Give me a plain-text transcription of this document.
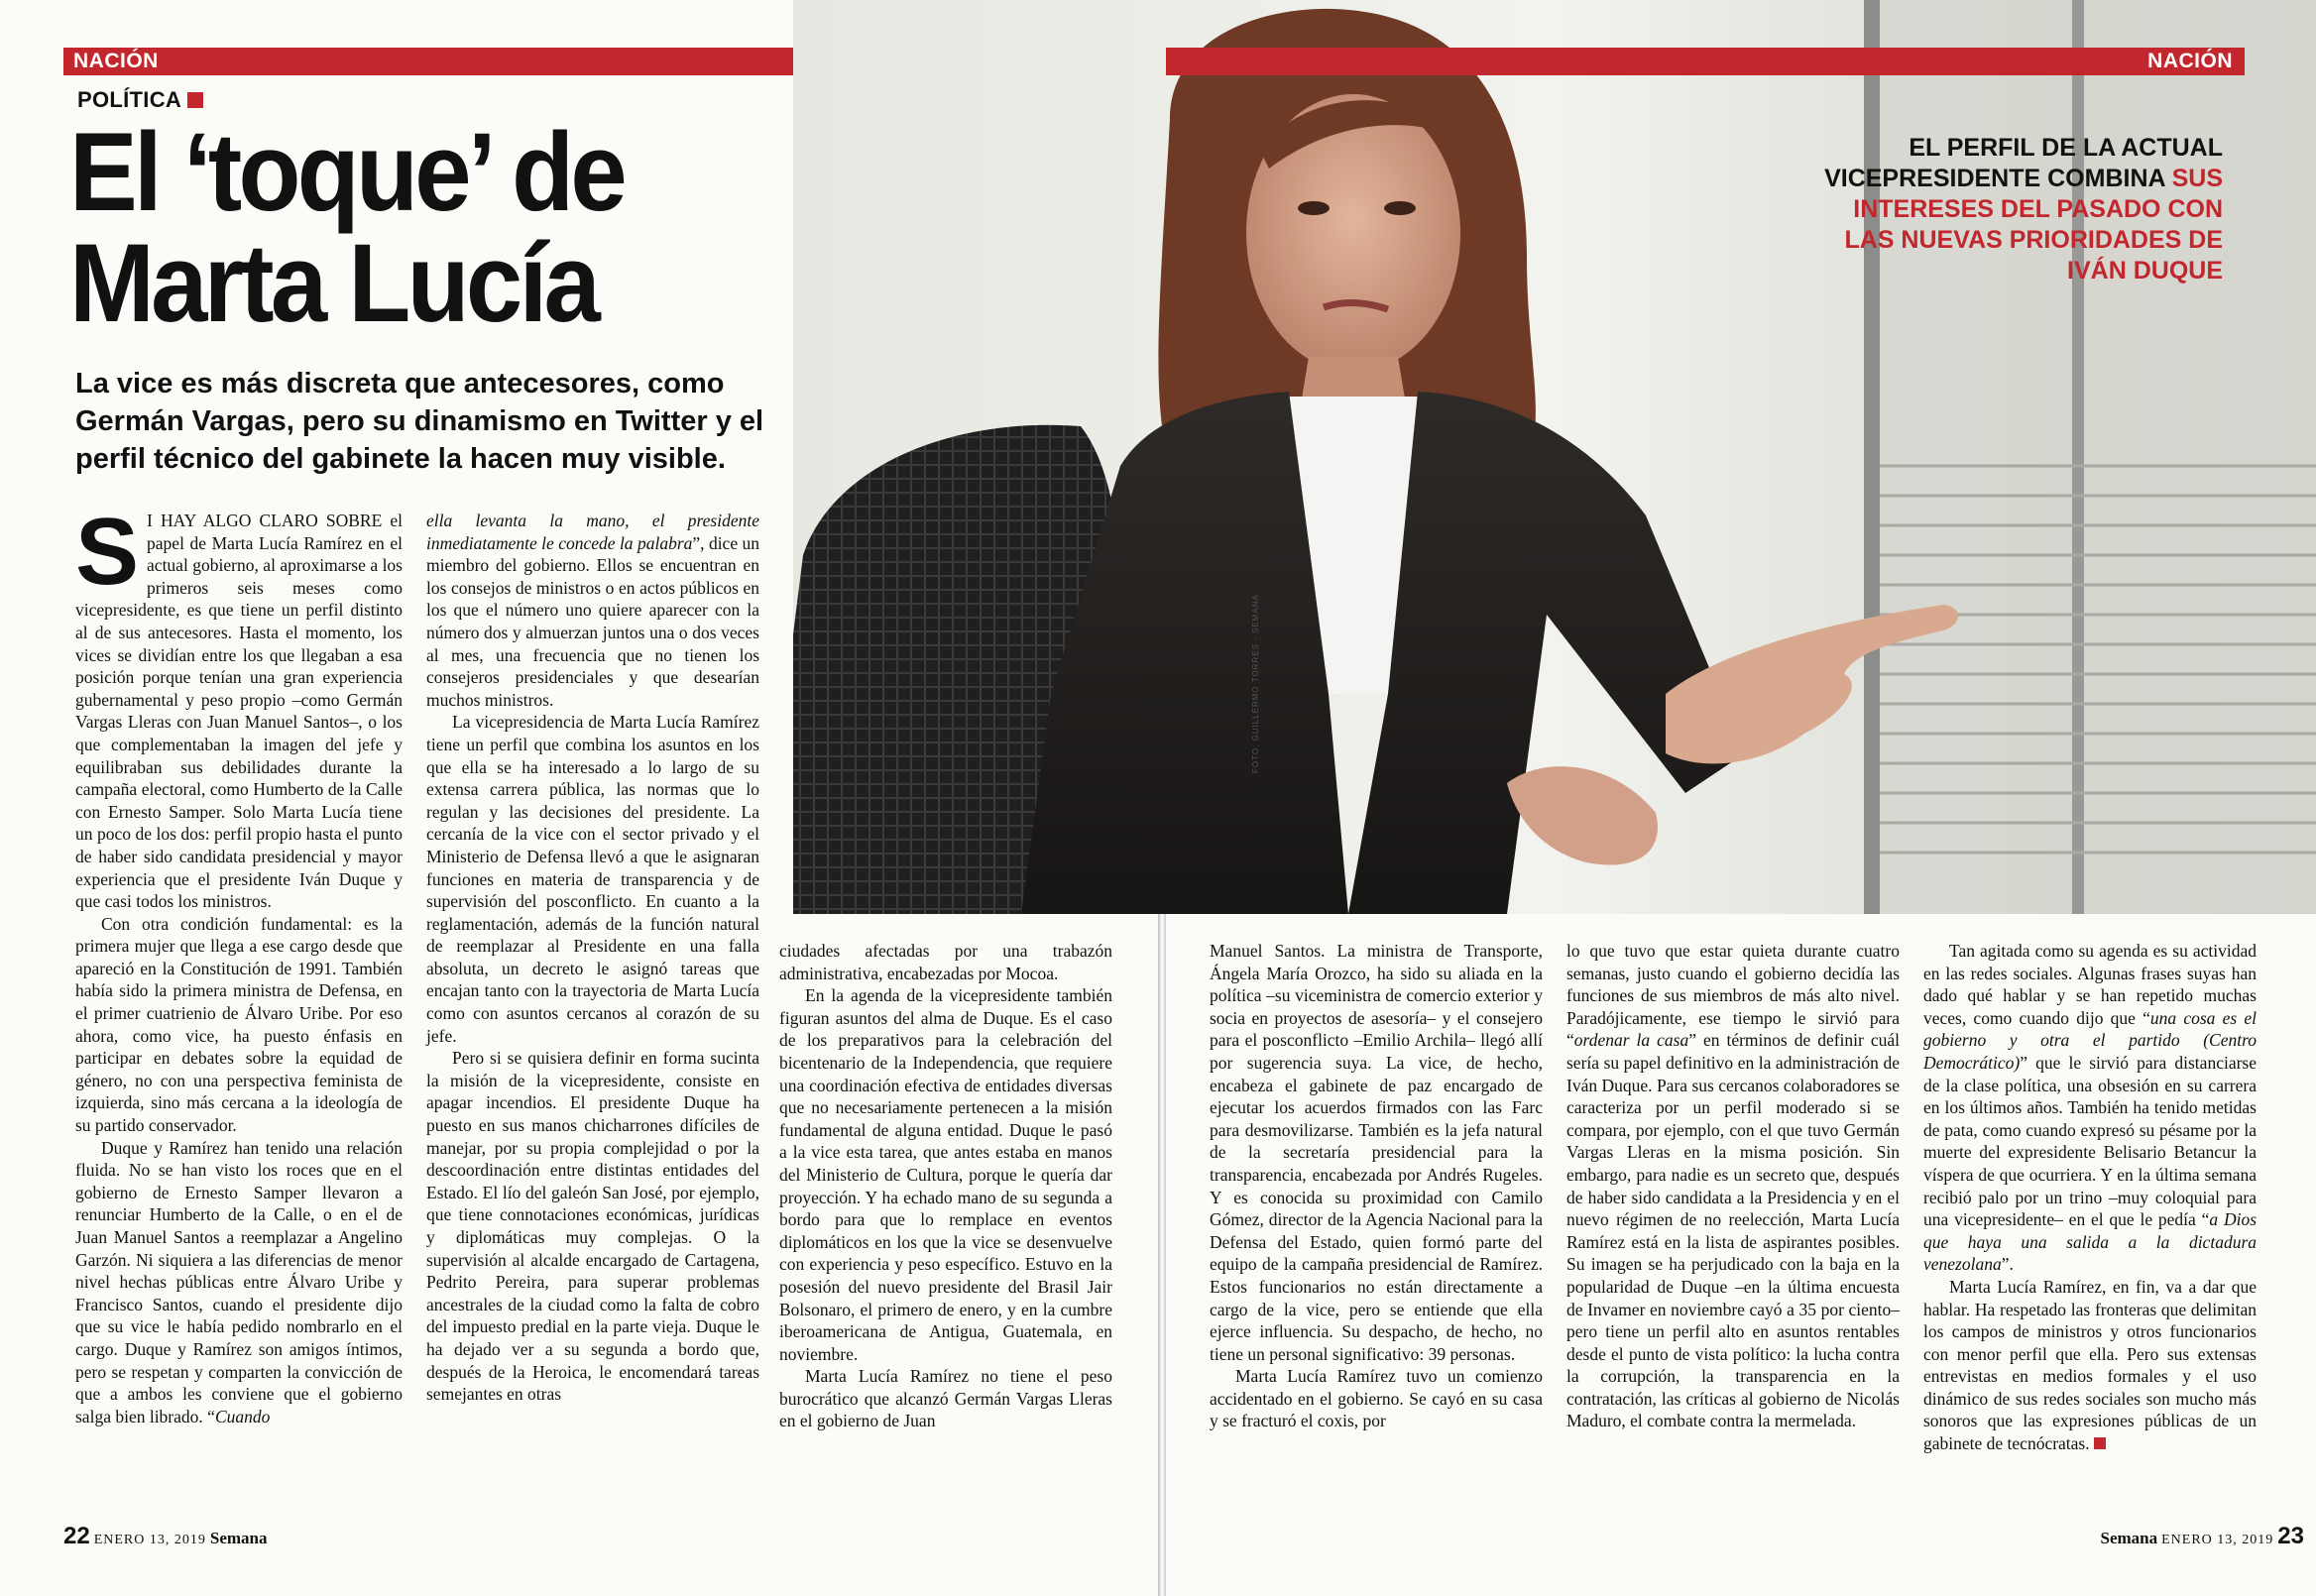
NACIÓN
POLÍTICA
El ‘toque’ de
Marta Lucía
La vice es más discreta que antecesores, como Germán Vargas, pero su dinamismo en Twitter y el perfil técnico del gabinete la hacen muy visible.

S I HAY ALGO CLARO SOBRE el papel de Marta Lucía Ramírez en el actual gobierno, al aproximarse a los primeros seis meses como vicepresidente, es que tiene un perfil distinto al de sus antecesores. Hasta el momento, los vices se dividían entre los que llegaban a esa posición porque tenían una gran experiencia gubernamental y peso propio –como Germán Vargas Lleras con Juan Manuel Santos–, o los que complementaban la imagen del jefe y equilibraban sus debilidades durante la campaña electoral, como Humberto de la Calle con Ernesto Samper. Solo Marta Lucía tiene un poco de los dos: perfil propio hasta el punto de haber sido candidata presidencial y mayor experiencia que el presidente Iván Duque y que casi todos los ministros.

Con otra condición fundamental: es la primera mujer que llega a ese cargo desde que apareció en la Constitución de 1991. También había sido la primera ministra de Defensa, en el primer cuatrienio de Álvaro Uribe. Por eso ahora, como vice, ha puesto énfasis en participar en debates sobre la equidad de género, no con una perspectiva feminista de izquierda, sino más cercana a la ideología de su partido conservador.

Duque y Ramírez han tenido una relación fluida. No se han visto los roces que en el gobierno de Ernesto Samper llevaron a renunciar Humberto de la Calle, o en el de Juan Manuel Santos a reemplazar a Angelino Garzón. Ni siquiera a las diferencias de menor nivel hechas públicas entre Álvaro Uribe y Francisco Santos, cuando el presidente dijo que su vice le había pedido nombrarlo en el cargo. Duque y Ramírez son amigos íntimos, pero se respetan y comparten la convicción de que a ambos les conviene que el gobierno salga bien librado. “Cuando

ella levanta la mano, el presidente inmediatamente le concede la palabra”, dice un miembro del gobierno. Ellos se encuentran en los consejos de ministros o en actos públicos en los que el número uno quiere aparecer con la número dos y almuerzan juntos una o dos veces al mes, una frecuencia que no tienen los consejeros presidenciales y que desearían muchos ministros.

La vicepresidencia de Marta Lucía Ramírez tiene un perfil que combina los asuntos en los que ella se ha interesado a lo largo de su extensa carrera pública, las normas que lo regulan y las decisiones del presidente. La cercanía de la vice con el sector privado y el Ministerio de Defensa llevó a que le asignaran funciones en materia de transparencia y de supervisión del posconflicto. En cuanto a la reglamentación, además de la función natural de reemplazar al Presidente en una falla absoluta, un decreto le asignó tareas que encajan tanto con la trayectoria de Marta Lucía como con asuntos cercanos al corazón de su jefe.

Pero si se quisiera definir en forma sucinta la misión de la vicepresidente, consiste en apagar incendios. El presidente Duque ha puesto en sus manos chicharrones difíciles de manejar, por su propia complejidad o por la descoordinación entre distintas entidades del Estado. El lío del galeón San José, por ejemplo, que tiene connotaciones económicas, jurídicas y diplomáticas muy complejas. O la supervisión al alcalde encargado de Cartagena, Pedrito Pereira, para superar problemas ancestrales de la ciudad como la falta de cobro del impuesto predial en la parte vieja. Duque le ha dejado ver a su segunda a bordo que, después de la Heroica, le encomendará tareas semejantes en otras

ciudades afectadas por una trabazón administrativa, encabezadas por Mocoa.

En la agenda de la vicepresidente también figuran asuntos del alma de Duque. Es el caso de los preparativos para la celebración del bicentenario de la Independencia, que requiere una coordinación efectiva de entidades diversas que no necesariamente pertenecen a la misión fundamental de alguna entidad. Duque le pasó a la vice esta tarea, que antes estaba en manos del Ministerio de Cultura, porque le quería dar proyección. Y ha echado mano de su segunda a bordo para que lo remplace en eventos diplomáticos en los que la vice se desenvuelve con experiencia y peso específico. Estuvo en la posesión del nuevo presidente del Brasil Jair Bolsonaro, el primero de enero, y en la cumbre iberoamericana de Antigua, Guatemala, en noviembre.

Marta Lucía Ramírez no tiene el peso burocrático que alcanzó Germán Vargas Lleras en el gobierno de Juan

22 ENERO 13, 2019 Semana
NACIÓN
EL PERFIL DE LA ACTUAL VICEPRESIDENTE COMBINA SUS INTERESES DEL PASADO CON LAS NUEVAS PRIORIDADES DE IVÁN DUQUE

Manuel Santos. La ministra de Transporte, Ángela María Orozco, ha sido su aliada en la política –su viceministra de comercio exterior y socia en proyectos de asesoría– y el consejero para el posconflicto –Emilio Archila– llegó allí por sugerencia suya. La vice, de hecho, encabeza el gabinete de paz encargado de ejecutar los acuerdos firmados con las Farc para desmovilizarse. También es la jefa natural de la secretaría presidencial para la transparencia, encabezada por Andrés Rugeles. Y es conocida su proximidad con Camilo Gómez, director de la Agencia Nacional para la Defensa del Estado, quien formó parte del equipo de la campaña presidencial de Ramírez. Estos funcionarios no están directamente a cargo de la vice, pero se entiende que ella ejerce influencia. Su despacho, de hecho, no tiene un personal significativo: 39 personas.

Marta Lucía Ramírez tuvo un comienzo accidentado en el gobierno. Se cayó en su casa y se fracturó el coxis, por

lo que tuvo que estar quieta durante cuatro semanas, justo cuando el gobierno decidía las funciones de sus miembros de más alto nivel. Paradójicamente, ese tiempo le sirvió para “ordenar la casa” en términos de definir cuál sería su papel definitivo en la administración de Iván Duque. Para sus cercanos colaboradores se caracteriza por un perfil moderado si se compara, por ejemplo, con el que tuvo Germán Vargas Lleras en la misma posición. Sin embargo, para nadie es un secreto que, después de haber sido candidata a la Presidencia y en el nuevo régimen de no reelección, Marta Lucía Ramírez está en la lista de aspirantes posibles. Su imagen se ha perjudicado con la baja en la popularidad de Duque –en la última encuesta de Invamer en noviembre cayó a 35 por ciento– pero tiene un perfil alto en asuntos rentables desde el punto de vista político: la lucha contra la corrupción, la transparencia en la contratación, las críticas al gobierno de Nicolás Maduro, el combate contra la mermelada.

Tan agitada como su agenda es su actividad en las redes sociales. Algunas frases suyas han dado qué hablar y se han repetido muchas veces, como cuando dijo que “una cosa es el gobierno y otra el partido (Centro Democrático)” que le sirvió para distanciarse de la clase política, una obsesión en su carrera en los últimos años. También ha tenido metidas de pata, como cuando expresó su pésame por la muerte del expresidente Belisario Betancur la víspera de que ocurriera. Y en la última semana recibió palo por un trino –muy coloquial para una vicepresidente– en el que le pedía “a Dios que haya una salida a la dictadura venezolana”.

Marta Lucía Ramírez, en fin, va a dar que hablar. Ha respetado las fronteras que delimitan los campos de ministros y otros funcionarios con menor perfil que ella. Pero sus extensas entrevistas en medios formales y el uso dinámico de sus redes sociales son mucho más sonoros que las expresiones públicas de un gabinete de tecnócratas.

Semana ENERO 13, 2019 23
FOTO: GUILLERMO TORRES - SEMANA
